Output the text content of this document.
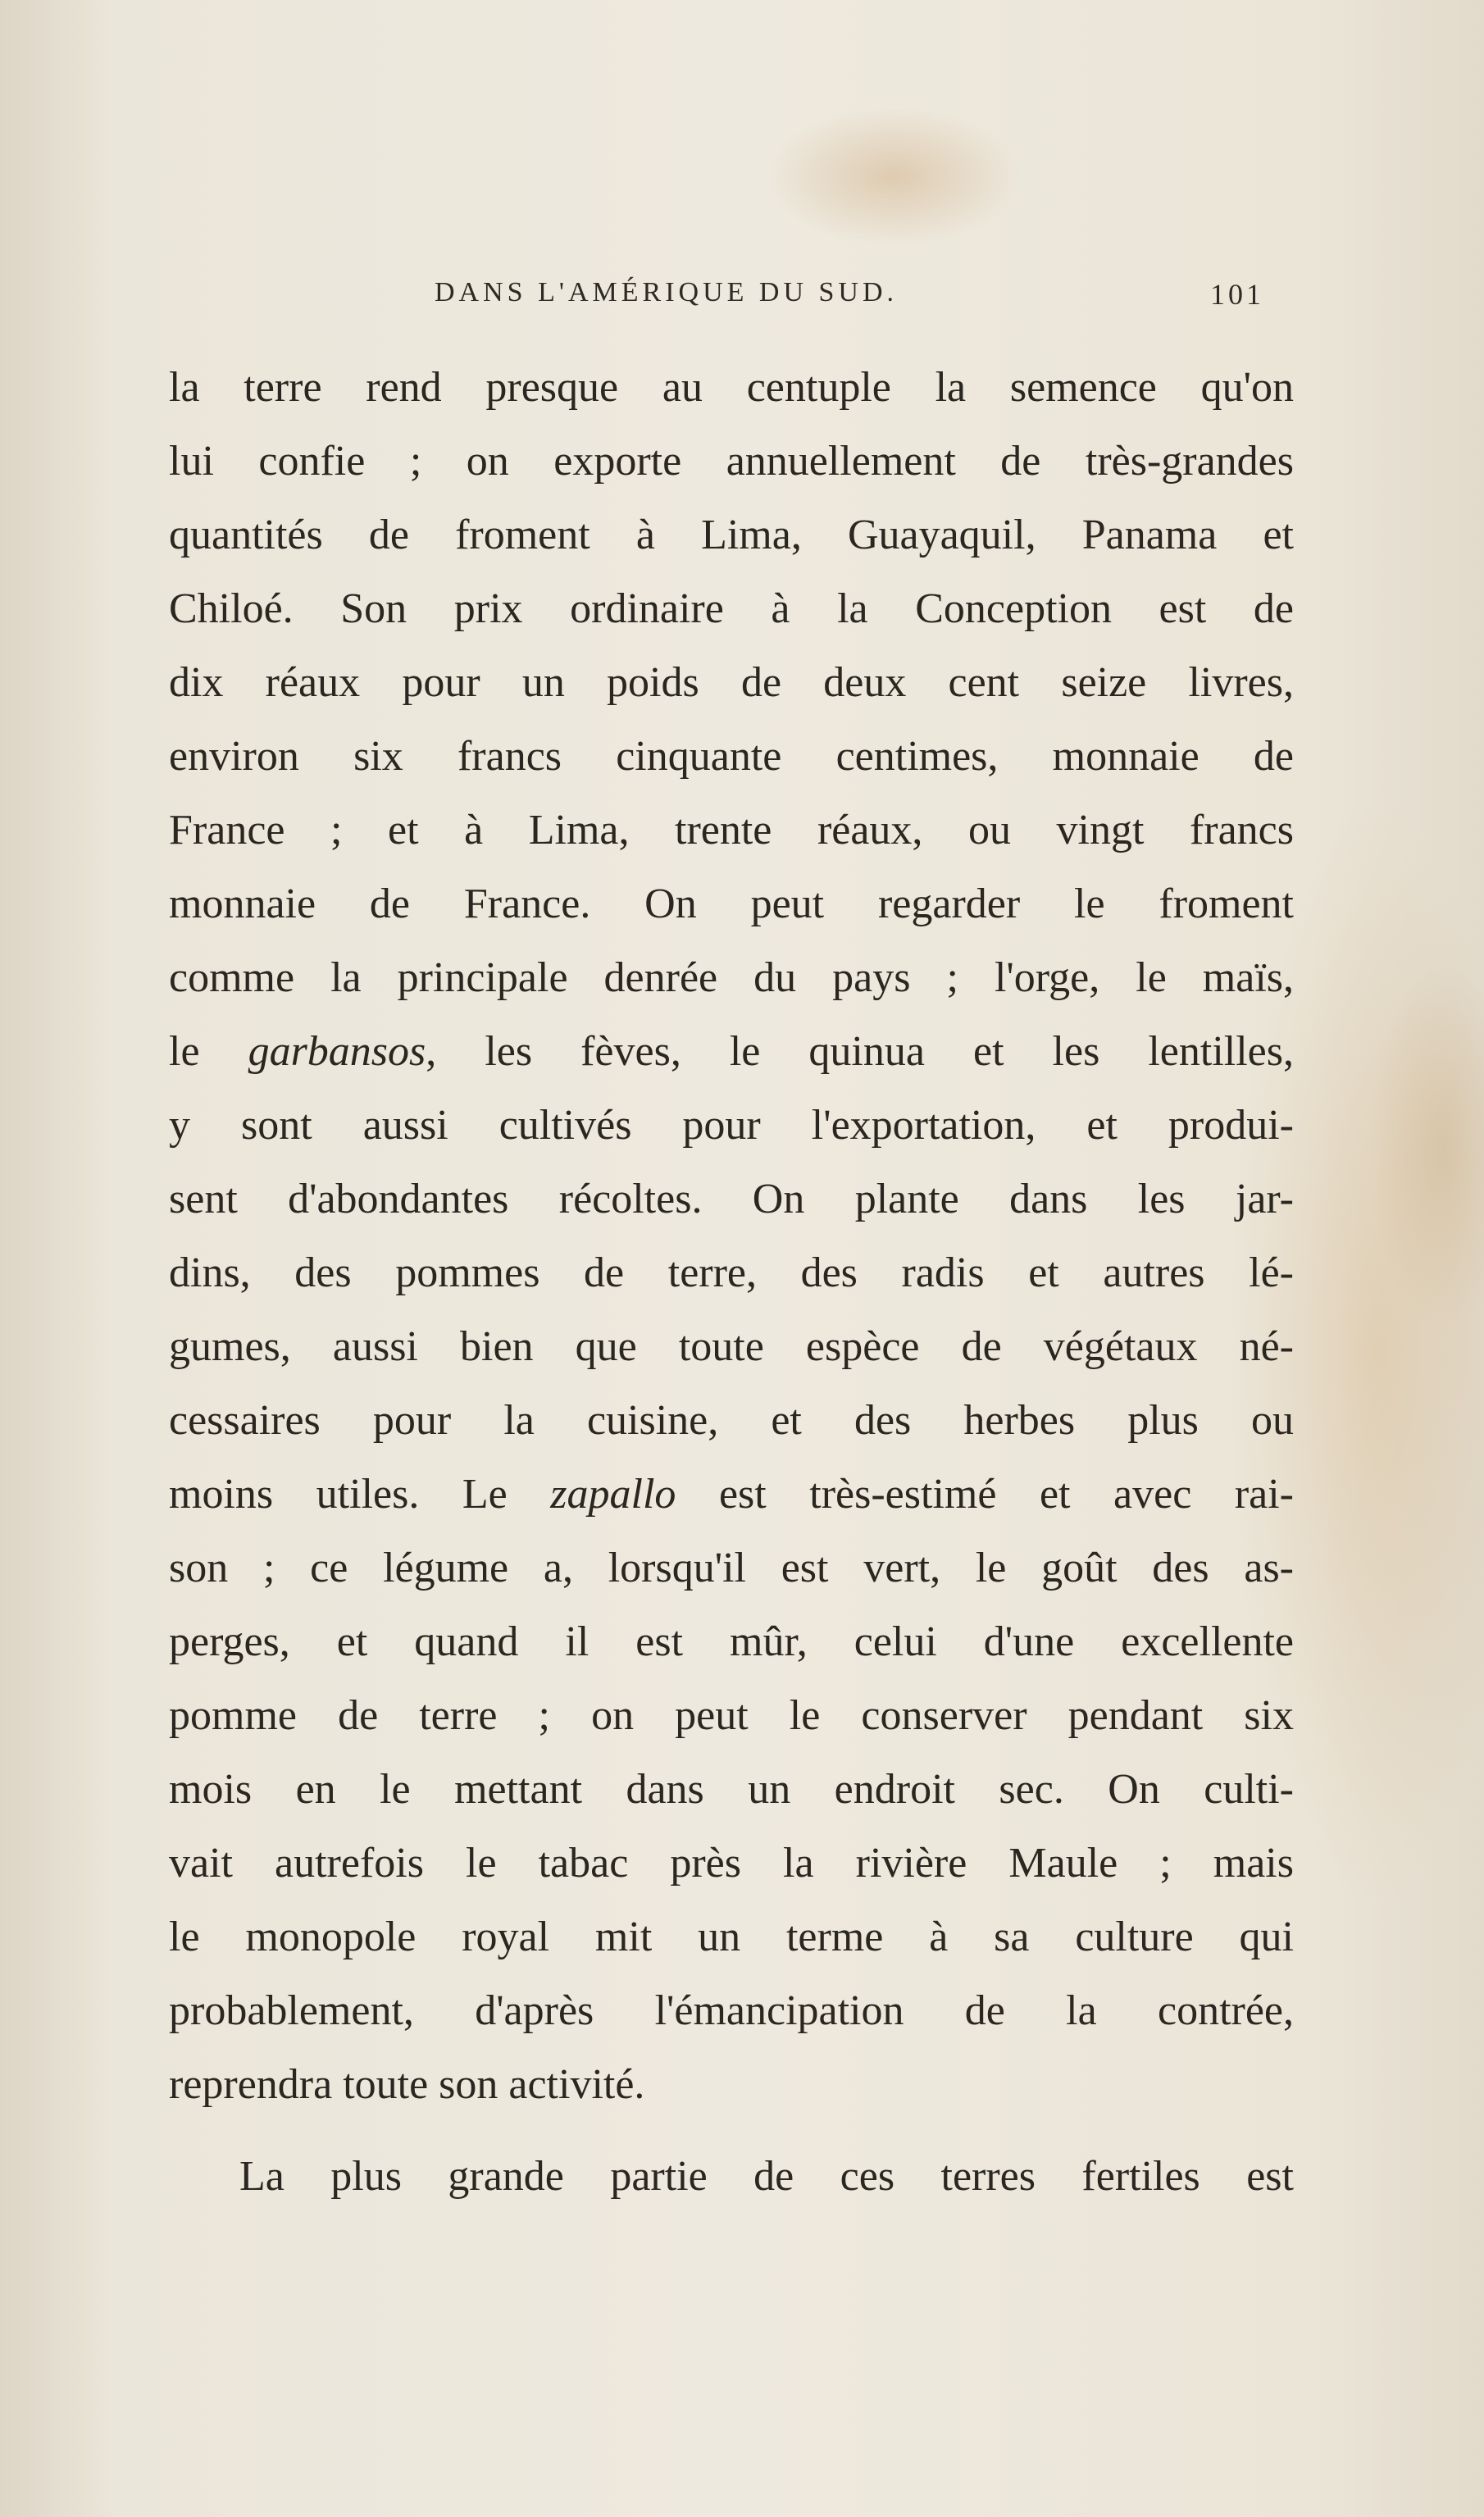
DANS L'AMÉRIQUE DU SUD.	101
la terre rend presque au centuple la semence qu'on
lui confie ; on exporte annuellement de très-grandes
quantités de froment à Lima, Guayaquil, Panama et
Chiloé. Son prix ordinaire à la Conception est de
dix réaux pour un poids de deux cent seize livres,
environ six francs cinquante centimes, monnaie de
France ; et à Lima, trente réaux, ou vingt francs
monnaie de France. On peut regarder le froment
comme la principale denrée du pays ; l'orge, le maïs,
le garbansos, les fèves, le quinua et les lentilles,
y sont aussi cultivés pour l'exportation, et produi-
sent d'abondantes récoltes. On plante dans les jar-
dins, des pommes de terre, des radis et autres lé-
gumes, aussi bien que toute espèce de végétaux né-
cessaires pour la cuisine, et des herbes plus ou
moins utiles. Le zapallo est très-estimé et avec rai-
son ; ce légume a, lorsqu'il est vert, le goût des as-
perges, et quand il est mûr, celui d'une excellente
pomme de terre ; on peut le conserver pendant six
mois en le mettant dans un endroit sec. On culti-
vait autrefois le tabac près la rivière Maule ; mais
le monopole royal mit un terme à sa culture qui
probablement, d'après l'émancipation de la contrée,
reprendra toute son activité.
La plus grande partie de ces terres fertiles est
